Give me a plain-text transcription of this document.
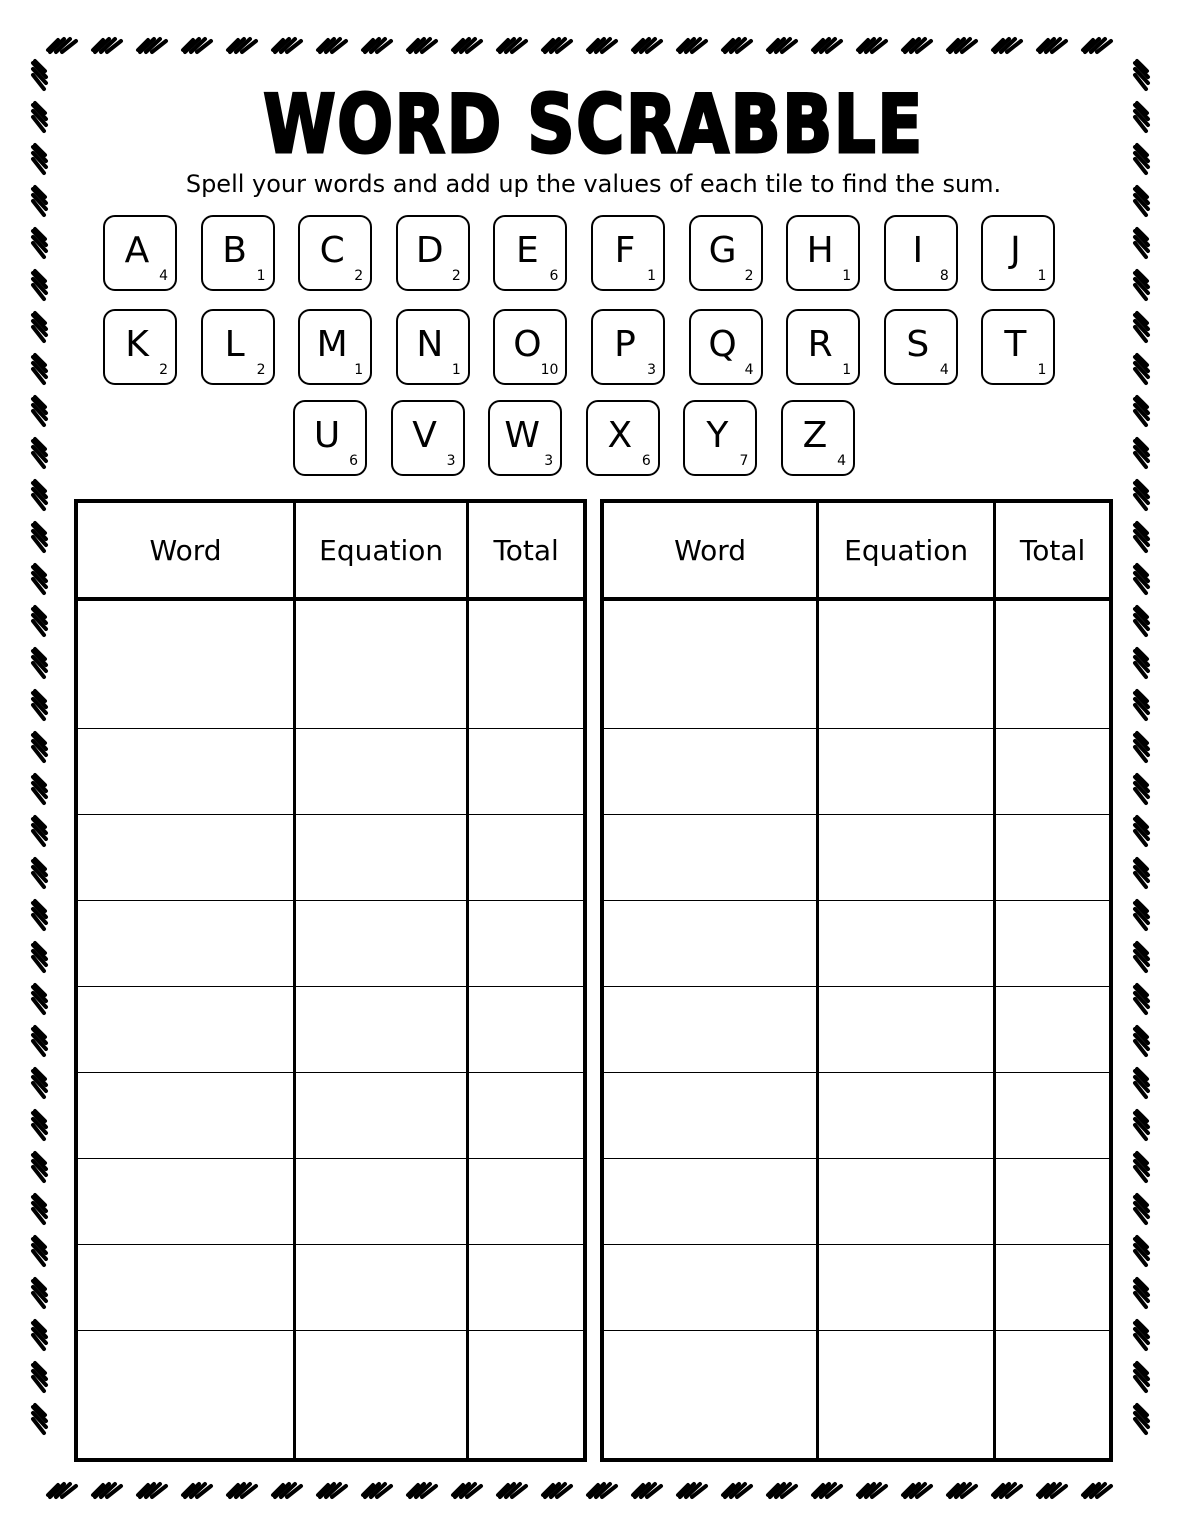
WORD SCRABBLE
Spell your words and add up the values of each tile to find the sum.
A
4
B
1
C
2
D
2
E
6
F
1
G
2
H
1
I
8
J
1
K
2
L
2
M
1
N
1
O
10
P
3
Q
4
R
1
S
4
T
1
U
6
V
3
W
3
X
6
Y
7
Z
4
Word	Equation	Total

			Word	Equation	Total
